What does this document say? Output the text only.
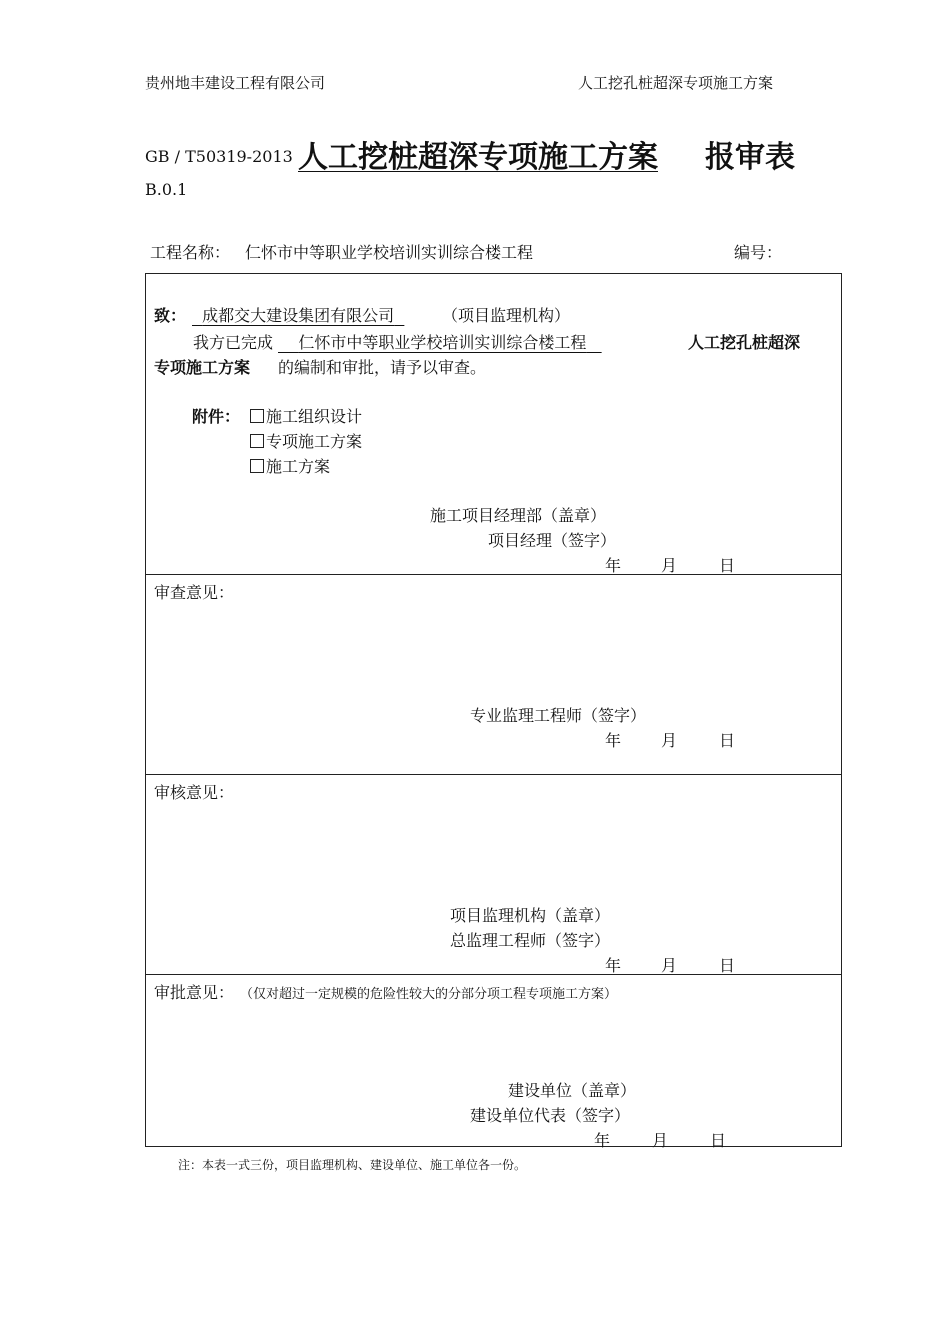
贵州地丰建设工程有限公司	人工挖孔桩超深专项施工方案
GB / T50319-2013 人工挖桩超深专项施工方案 报审表
B.0.1
工程名称： 仁怀市中等职业学校培训实训综合楼工程	编号：
致：	成都交大建设集团有限公司	（项目监理机构）
我方已完成	仁怀市中等职业学校培训实训综合楼工程	人工挖孔桩超深
专项施工方案 的编制和审批，请予以审查。
附件：	施工组织设计
专项施工方案
施工方案
施工项目经理部（盖章）
项目经理（签字）
年 月	日
审查意见：
专业监理工程师（签字）
年 月	日
审核意见：
项目监理机构（盖章）
总监理工程师（签字）
年 月	日
审批意见： （仅对超过一定规模的危险性较大的分部分项工程专项施工方案）
建设单位（盖章）
建设单位代表（签字）
年	月	日
注：本表一式三份，项目监理机构、建设单位、施工单位各一份。
